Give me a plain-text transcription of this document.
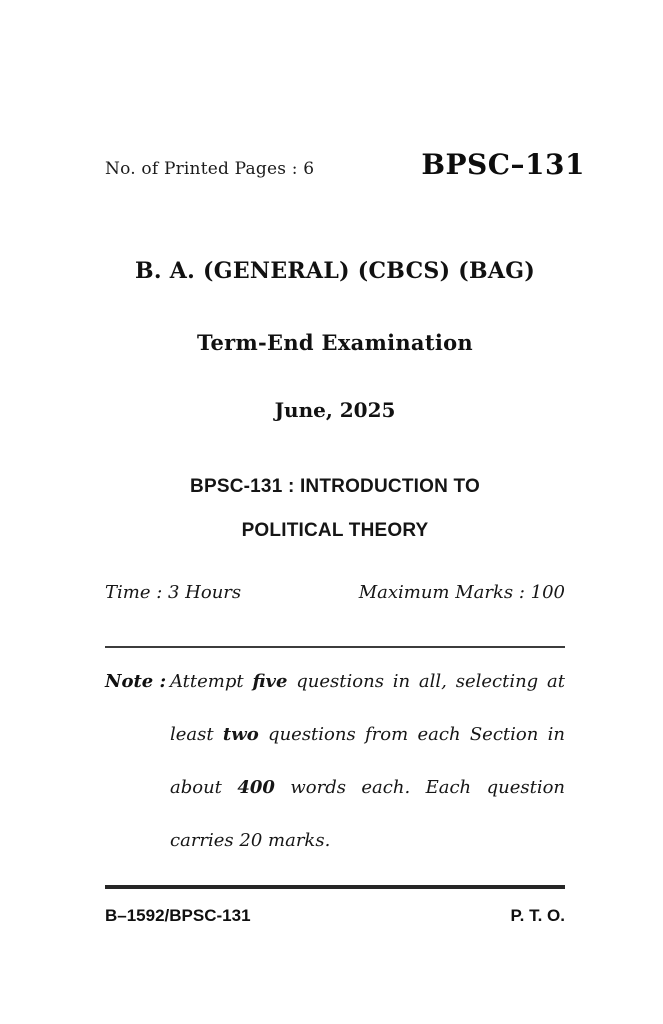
No. of Printed Pages : 6	BPSC–131
B. A. (GENERAL) (CBCS) (BAG)
Term-End Examination
June, 2025
BPSC-131 : INTRODUCTION TO
POLITICAL THEORY
Time : 3 Hours	Maximum Marks : 100
Note : Attempt five questions in all, selecting at least two questions from each Section in about 400 words each. Each question carries 20 marks.

B–1592/BPSC-131	P. T. O.
